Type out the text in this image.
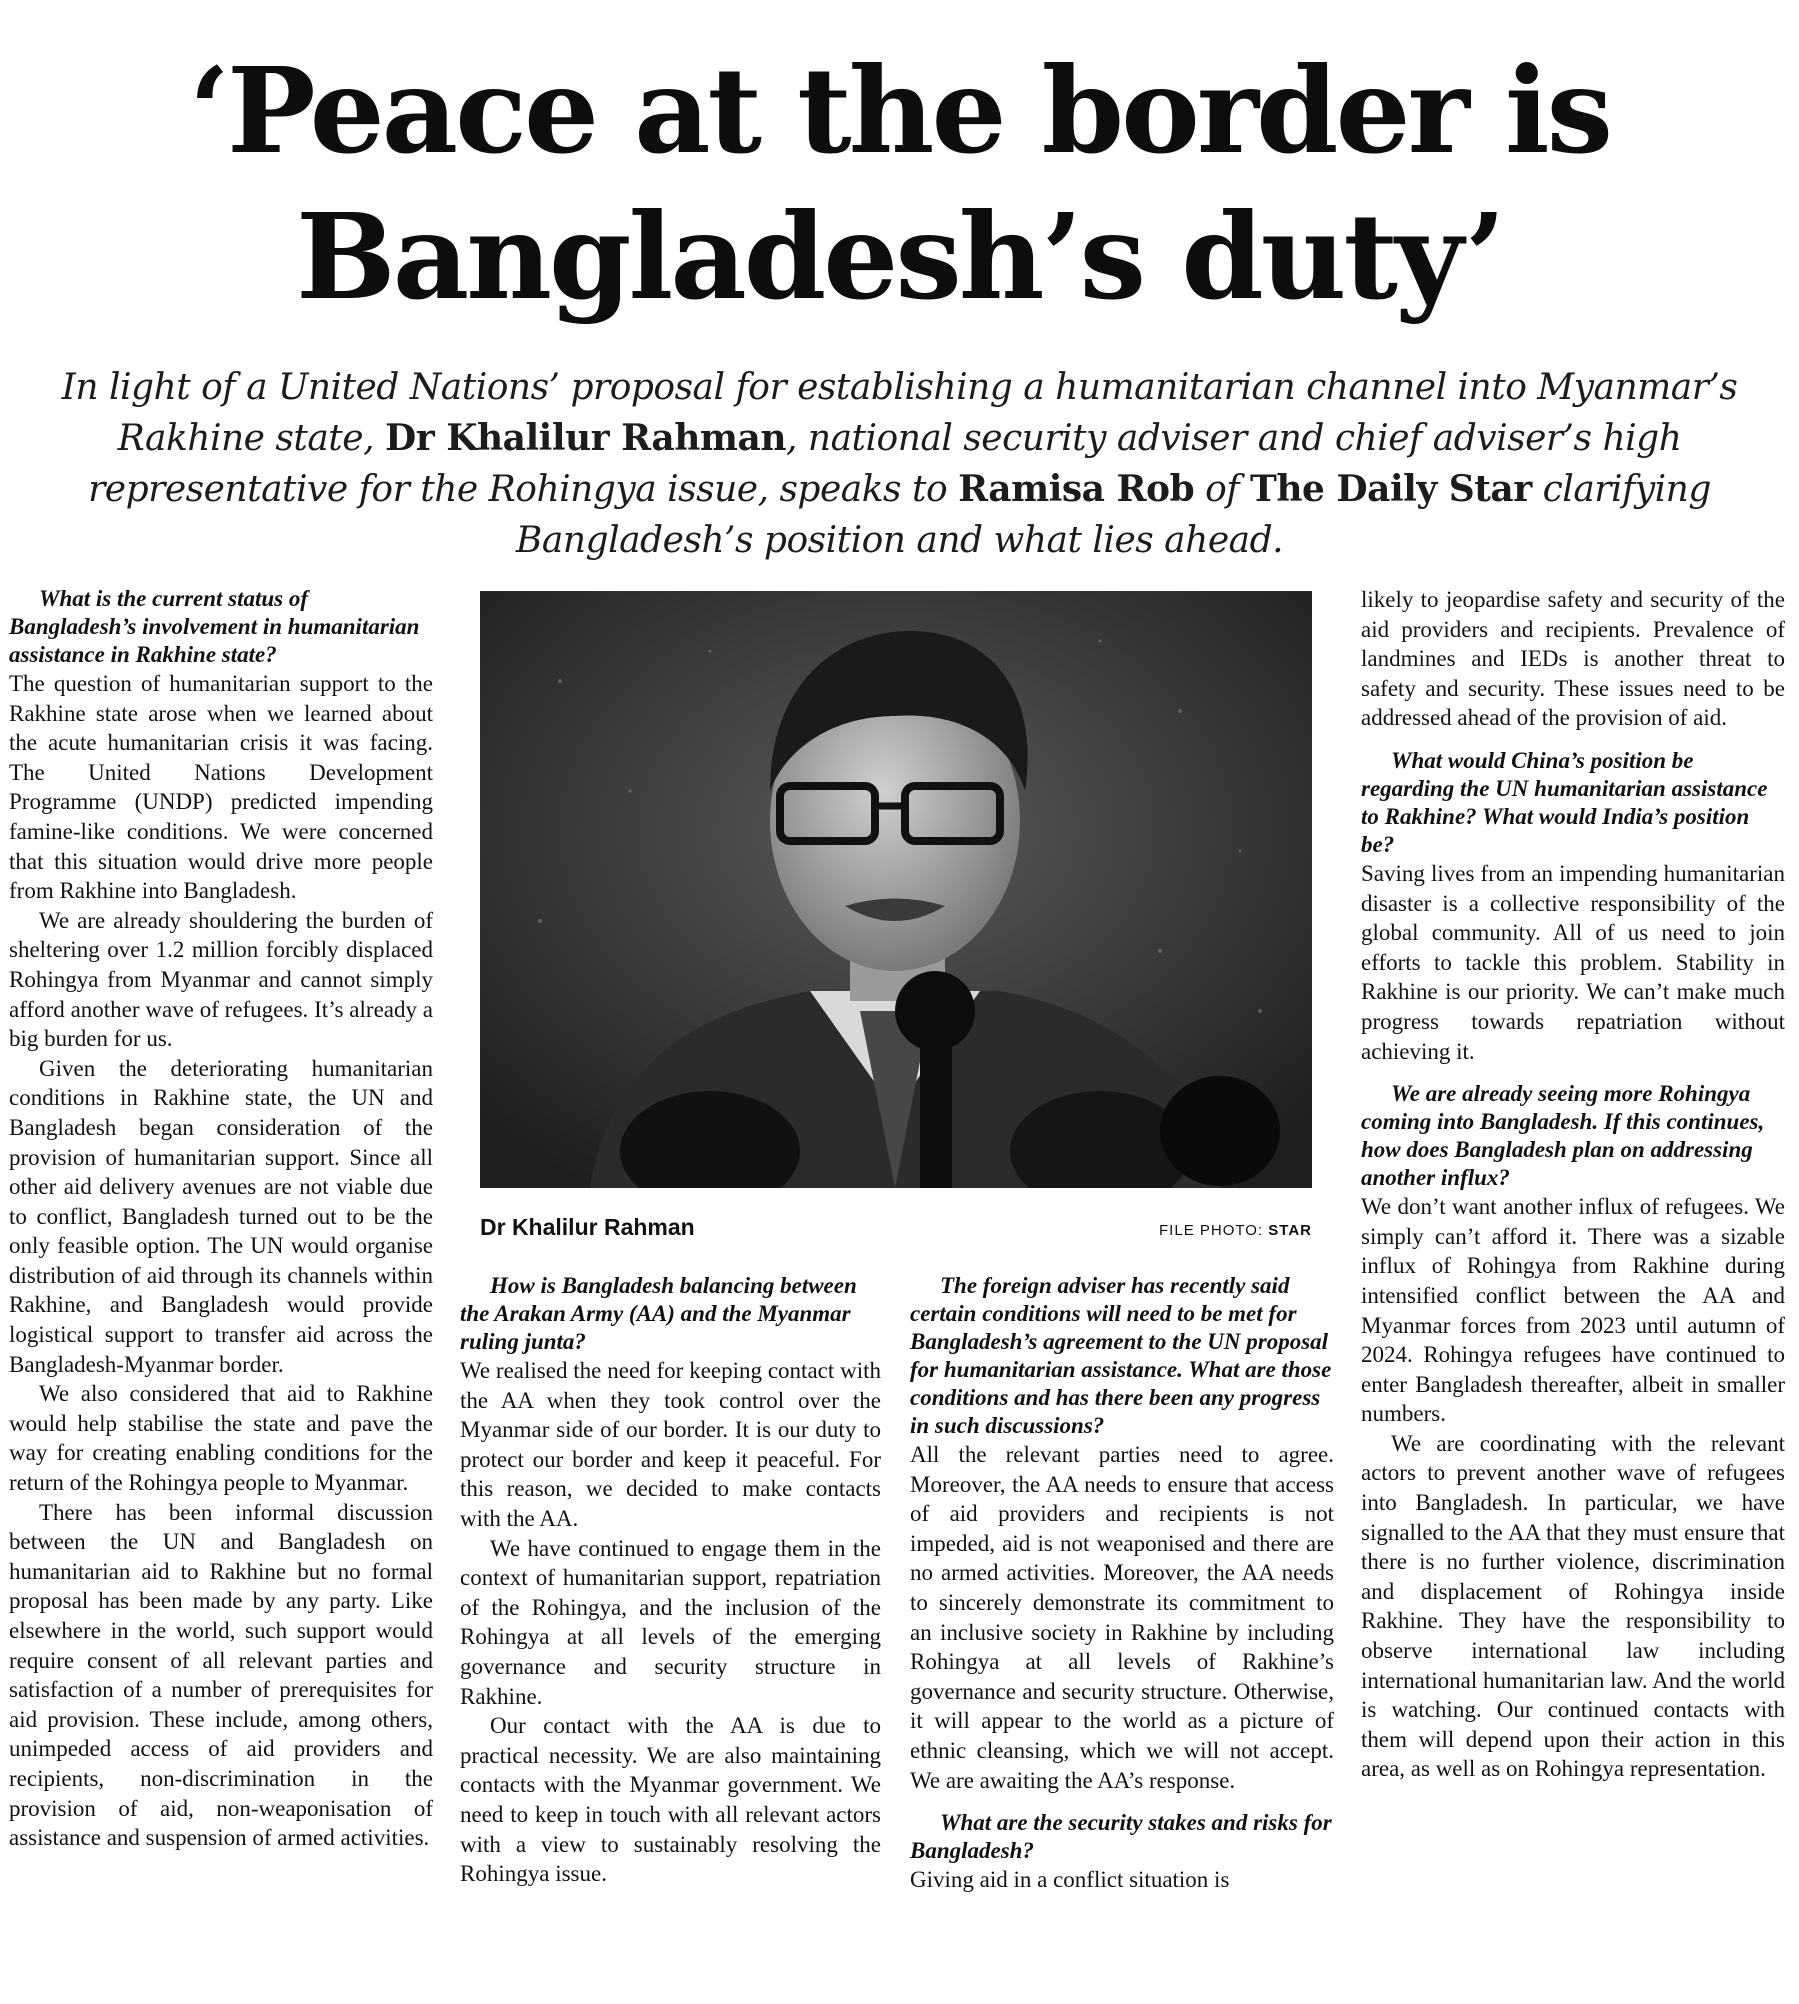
‘Peace at the border is
Bangladesh’s duty’

In light of a United Nations’ proposal for establishing a humanitarian channel into Myanmar’s
Rakhine state, Dr Khalilur Rahman, national security adviser and chief adviser’s high
representative for the Rohingya issue, speaks to Ramisa Rob of The Daily Star clarifying
Bangladesh’s position and what lies ahead.

Dr Khalilur Rahman	FILE PHOTO: STAR

What is the current status of Bangladesh’s involvement in humanitarian assistance in Rakhine state?

The question of humanitarian support to the Rakhine state arose when we learned about the acute humanitarian crisis it was facing. The United Nations Development Programme (UNDP) predicted impending famine-like conditions. We were concerned that this situation would drive more people from Rakhine into Bangladesh.

We are already shouldering the burden of sheltering over 1.2 million forcibly displaced Rohingya from Myanmar and cannot simply afford another wave of refugees. It’s already a big burden for us.

Given the deteriorating humanitarian conditions in Rakhine state, the UN and Bangladesh began consideration of the provision of humanitarian support. Since all other aid delivery avenues are not viable due to conflict, Bangladesh turned out to be the only feasible option. The UN would organise distribution of aid through its channels within Rakhine, and Bangladesh would provide logistical support to transfer aid across the Bangladesh-Myanmar border.

We also considered that aid to Rakhine would help stabilise the state and pave the way for creating enabling conditions for the return of the Rohingya people to Myanmar.

There has been informal discussion between the UN and Bangladesh on humanitarian aid to Rakhine but no formal proposal has been made by any party. Like elsewhere in the world, such support would require consent of all relevant parties and satisfaction of a number of prerequisites for aid provision. These include, among others, unimpeded access of aid providers and recipients, non-discrimination in the provision of aid, non-weaponisation of assistance and suspension of armed activities.

How is Bangladesh balancing between the Arakan Army (AA) and the Myanmar ruling junta?

We realised the need for keeping contact with the AA when they took control over the Myanmar side of our border. It is our duty to protect our border and keep it peaceful. For this reason, we decided to make contacts with the AA.

We have continued to engage them in the context of humanitarian support, repatriation of the Rohingya, and the inclusion of the Rohingya at all levels of the emerging governance and security structure in Rakhine.

Our contact with the AA is due to practical necessity. We are also maintaining contacts with the Myanmar government. We need to keep in touch with all relevant actors with a view to sustainably resolving the Rohingya issue.

The foreign adviser has recently said certain conditions will need to be met for Bangladesh’s agreement to the UN proposal for humanitarian assistance. What are those conditions and has there been any progress in such discussions?

All the relevant parties need to agree. Moreover, the AA needs to ensure that access of aid providers and recipients is not impeded, aid is not weaponised and there are no armed activities. Moreover, the AA needs to sincerely demonstrate its commitment to an inclusive society in Rakhine by including Rohingya at all levels of Rakhine’s governance and security structure. Otherwise, it will appear to the world as a picture of ethnic cleansing, which we will not accept. We are awaiting the AA’s response.

What are the security stakes and risks for Bangladesh?

Giving aid in a conflict situation is

likely to jeopardise safety and security of the aid providers and recipients. Prevalence of landmines and IEDs is another threat to safety and security. These issues need to be addressed ahead of the provision of aid.

What would China’s position be regarding the UN humanitarian assistance to Rakhine? What would India’s position be?

Saving lives from an impending humanitarian disaster is a collective responsibility of the global community. All of us need to join efforts to tackle this problem. Stability in Rakhine is our priority. We can’t make much progress towards repatriation without achieving it.

We are already seeing more Rohingya coming into Bangladesh. If this continues, how does Bangladesh plan on addressing another influx?

We don’t want another influx of refugees. We simply can’t afford it. There was a sizable influx of Rohingya from Rakhine during intensified conflict between the AA and Myanmar forces from 2023 until autumn of 2024. Rohingya refugees have continued to enter Bangladesh thereafter, albeit in smaller numbers.

We are coordinating with the relevant actors to prevent another wave of refugees into Bangladesh. In particular, we have signalled to the AA that they must ensure that there is no further violence, discrimination and displacement of Rohingya inside Rakhine. They have the responsibility to observe international law including international humanitarian law. And the world is watching. Our continued contacts with them will depend upon their action in this area, as well as on Rohingya representation.
